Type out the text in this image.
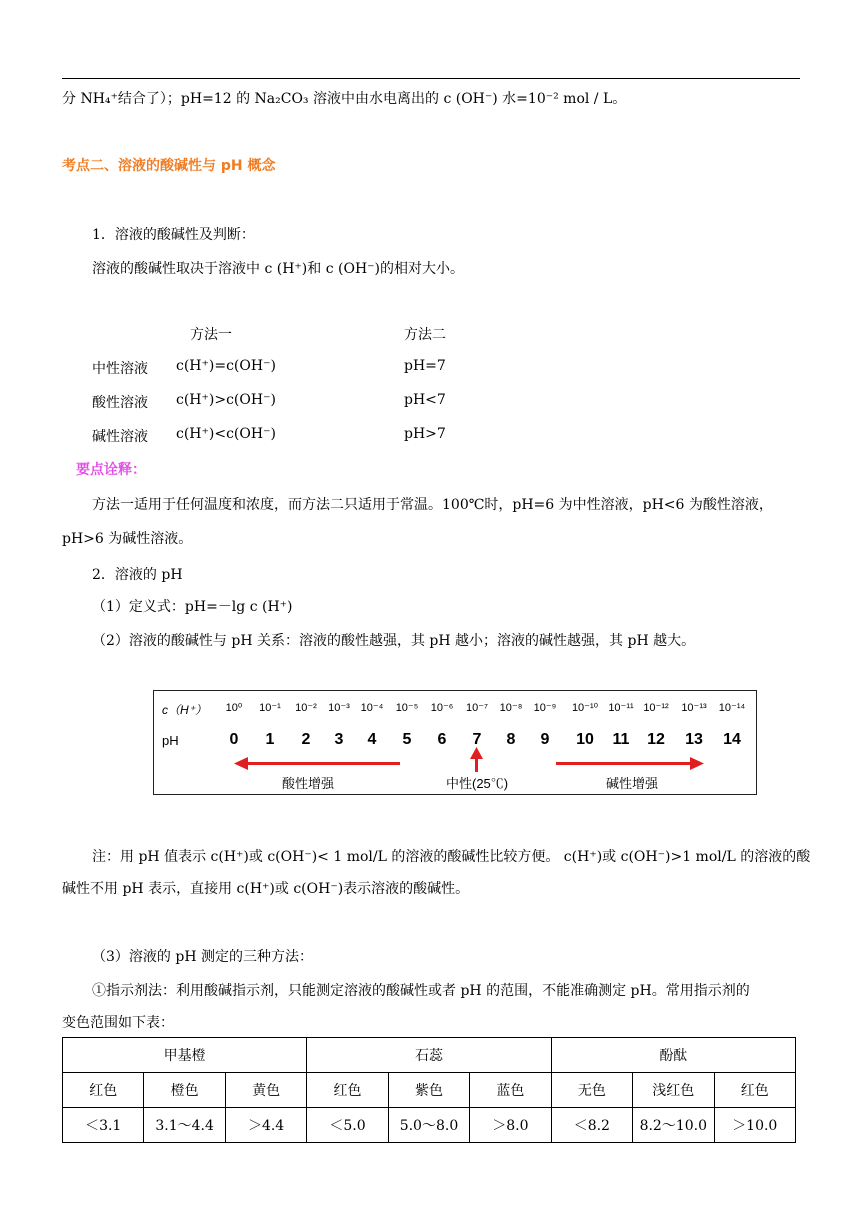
分 NH₄⁺结合了）；pH=12 的 Na₂CO₃ 溶液中由水电离出的 c (OH⁻) 水=10⁻² mol / L。
考点二、溶液的酸碱性与 pH 概念
1．溶液的酸碱性及判断：
溶液的酸碱性取决于溶液中 c (H⁺)和 c (OH⁻)的相对大小。
方法一	方法二
中性溶液 c(H⁺)=c(OH⁻)	pH=7
酸性溶液 c(H⁺)>c(OH⁻)	pH<7
碱性溶液 c(H⁺)<c(OH⁻)	pH>7
要点诠释：
方法一适用于任何温度和浓度，而方法二只适用于常温。100℃时，pH=6 为中性溶液，pH<6 为酸性溶液，
pH>6 为碱性溶液。
2．溶液的 pH
（1）定义式：pH=－lg c (H⁺)
（2）溶液的酸碱性与 pH 关系：溶液的酸性越强，其 pH 越小；溶液的碱性越强，其 pH 越大。
c（H⁺）
pH
10⁰	10⁻¹	10⁻²	10⁻³ 10⁻⁴	10⁻⁵	10⁻⁶	10⁻⁷	10⁻⁸	10⁻⁹	10⁻¹⁰ 10⁻¹¹ 10⁻¹²	10⁻¹³	10⁻¹⁴
0	1	2	3	4	5	6	7	8	9	10 11 12 13 14
酸性增强	中性(25℃)	碱性增强
注：用 pH 值表示 c(H⁺)或 c(OH⁻)< 1 mol/L 的溶液的酸碱性比较方便。 c(H⁺)或 c(OH⁻)>1 mol/L 的溶液的酸
碱性不用 pH 表示，直接用 c(H⁺)或 c(OH⁻)表示溶液的酸碱性。
（3）溶液的 pH 测定的三种方法：
①指示剂法：利用酸碱指示剂，只能测定溶液的酸碱性或者 pH 的范围，不能准确测定 pH。常用指示剂的
变色范围如下表：
甲基橙			石蕊			酚酞		
红色	橙色	黄色	红色	紫色	蓝色	无色	浅红色	红色
＜3.1	3.1～4.4	＞4.4	＜5.0	5.0～8.0	＞8.0	＜8.2	8.2～10.0	＞10.0
